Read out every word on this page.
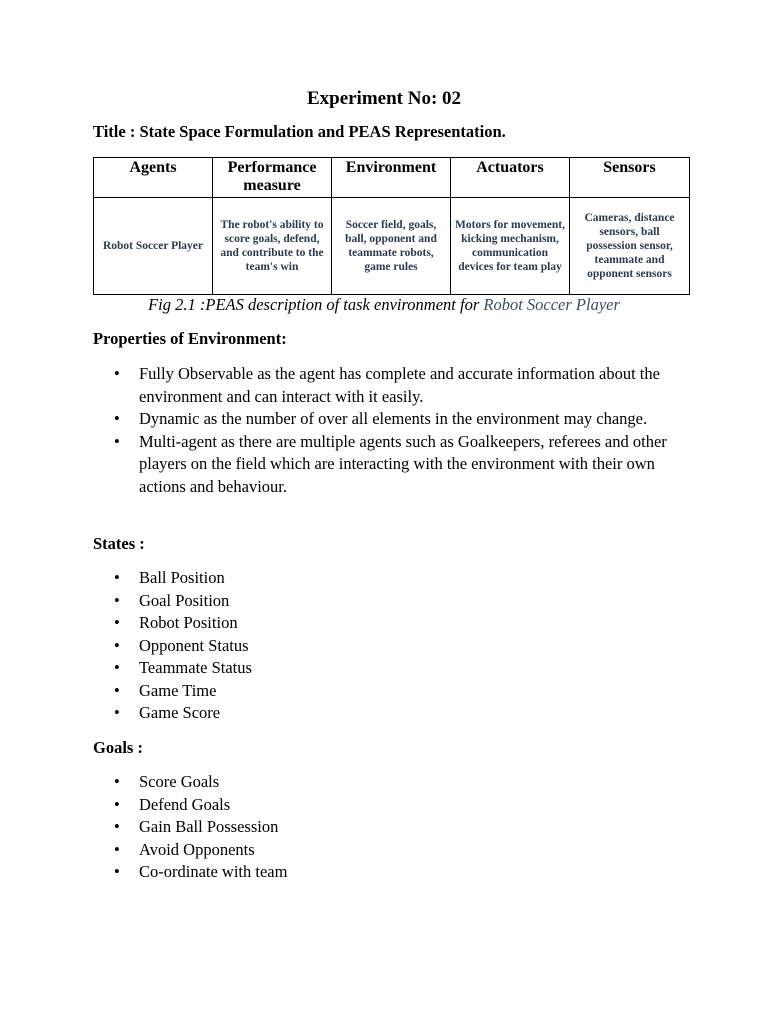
Experiment No: 02
Title : State Space Formulation and PEAS Representation.
Agents	Performance measure	Environment	Actuators	Sensors
Robot Soccer Player	The robot's ability to score goals, defend, and contribute to the team's win	Soccer field, goals, ball, opponent and teammate robots, game rules	Motors for movement, kicking mechanism, communication devices for team play	Cameras, distance sensors, ball possession sensor, teammate and opponent sensors
Fig 2.1 :PEAS description of task environment for Robot Soccer Player
Properties of Environment:
• Fully Observable as the agent has complete and accurate information about the environment and can interact with it easily.
• Dynamic as the number of over all elements in the environment may change.
• Multi-agent as there are multiple agents such as Goalkeepers, referees and other players on the field which are interacting with the environment with their own actions and behaviour.
States :
• Ball Position
• Goal Position
• Robot Position
• Opponent Status
• Teammate Status
• Game Time
• Game Score
Goals :
• Score Goals
• Defend Goals
• Gain Ball Possession
• Avoid Opponents
• Co-ordinate with team
